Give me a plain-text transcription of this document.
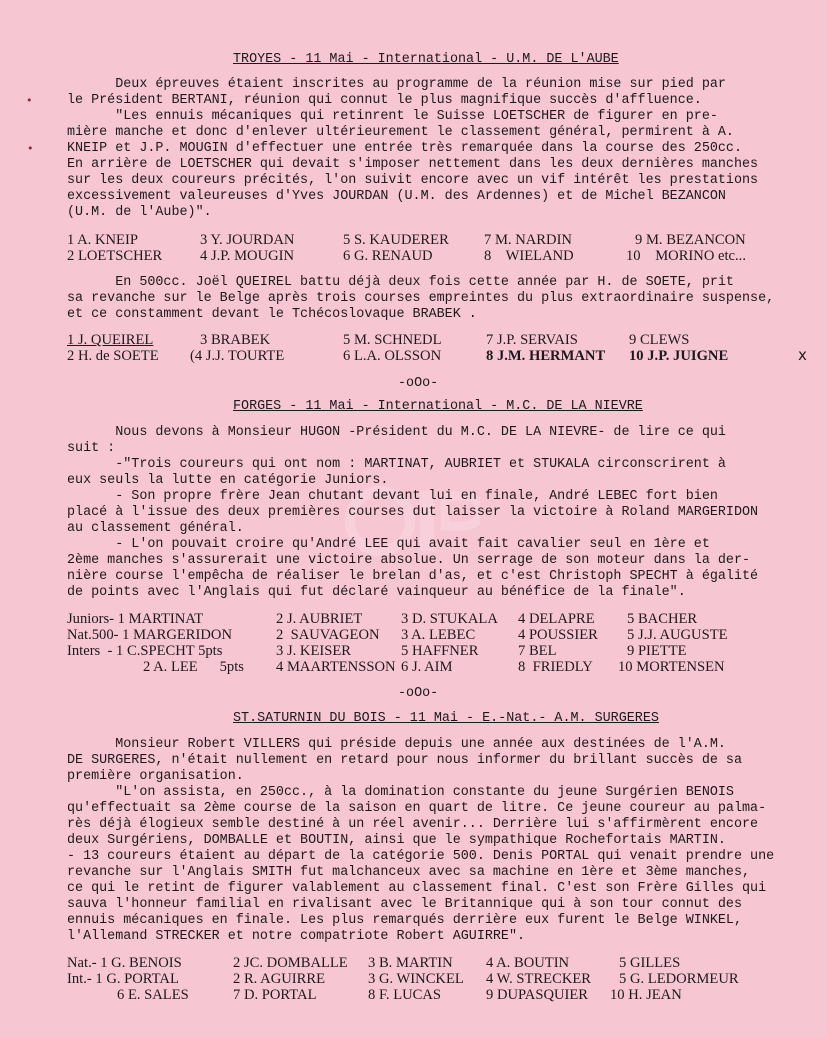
•
•
TROYES - 11 Mai - International - U.M. DE L'AUBE
Deux épreuves étaient inscrites au programme de la réunion mise sur pied par
le Président BERTANI, réunion qui connut le plus magnifique succès d'affluence.
"Les ennuis mécaniques qui retinrent le Suisse LOETSCHER de figurer en pre-
mière manche et donc d'enlever ultérieurement le classement général, permirent à A.
KNEIP et J.P. MOUGIN d'effectuer une entrée très remarquée dans la course des 250cc.
En arrière de LOETSCHER qui devait s'imposer nettement dans les deux dernières manches
sur les deux coureurs précités, l'on suivit encore avec un vif intérêt les prestations
excessivement valeureuses d'Yves JOURDAN (U.M. des Ardennes) et de Michel BEZANCON
(U.M. de l'Aube)".
1 A. KNEIP	3 Y. JOURDAN	5 S. KAUDERER 7 M. NARDIN	9 M. BEZANCON
2 LOETSCHER	4 J.P. MOUGIN	6 G. RENAUD	8    WIELAND	10    MORINO etc...
En 500cc. Joël QUEIREL battu déjà deux fois cette année par H. de SOETE, prit
sa revanche sur le Belge après trois courses empreintes du plus extraordinaire suspense,
et ce constamment devant le Tchécoslovaque BRABEK .
1 J. QUEIREL	3 BRABEK	5 M. SCHNEDL	7 J.P. SERVAIS	9 CLEWS
2 H. de SOETE (4 J.J. TOURTE	6 L.A. OLSSON	8 J.M. HERMANT 10 J.P. JUIGNE	x
-oOo-
FORGES - 11 Mai - International - M.C. DE LA NIEVRE
Nous devons à Monsieur HUGON -Président du M.C. DE LA NIEVRE- de lire ce qui
suit :
-"Trois coureurs qui ont nom : MARTINAT, AUBRIET et STUKALA circonscrirent à
eux seuls la lutte en catégorie Juniors.
- Son propre frère Jean chutant devant lui en finale, André LEBEC fort bien
placé à l'issue des deux premières courses dut laisser la victoire à Roland MARGERIDON
au classement général.
- L'on pouvait croire qu'André LEE qui avait fait cavalier seul en 1ère et
2ème manches s'assurerait une victoire absolue. Un serrage de son moteur dans la der-
nière course l'empêcha de réaliser le brelan d'as, et c'est Christoph SPECHT à égalité
de points avec l'Anglais qui fut déclaré vainqueur au bénéfice de la finale".
Juniors- 1 MARTINAT	2 J. AUBRIET	3 D. STUKALA 4 DELAPRE 5 BACHER
Nat.500- 1 MARGERIDON	2  SAUVAGEON 3 A. LEBEC	4 POUSSIER 5 J.J. AUGUSTE
Inters  - 1 C.SPECHT 5pts	3 J. KEISER	5 HAFFNER	7 BEL	9 PIETTE
2 A. LEE      5pts 4 MAARTENSSON 6 J. AIM	8  FRIEDLY 10 MORTENSEN
-oOo-
ST.SATURNIN DU BOIS - 11 Mai - E.-Nat.- A.M. SURGERES
Monsieur Robert VILLERS qui préside depuis une année aux destinées de l'A.M.
DE SURGERES, n'était nullement en retard pour nous informer du brillant succès de sa
première organisation.
"L'on assista, en 250cc., à la domination constante du jeune Surgérien BENOIS
qu'effectuait sa 2ème course de la saison en quart de litre. Ce jeune coureur au palma-
rès déjà élogieux semble destiné à un réel avenir... Derrière lui s'affirmèrent encore
deux Surgériens, DOMBALLE et BOUTIN, ainsi que le sympathique Rochefortais MARTIN.
- 13 coureurs étaient au départ de la catégorie 500. Denis PORTAL qui venait prendre une
revanche sur l'Anglais SMITH fut malchanceux avec sa machine en 1ère et 3ème manches,
ce qui le retint de figurer valablement au classement final. C'est son Frère Gilles qui
sauva l'honneur familial en rivalisant avec le Britannique qui à son tour connut des
ennuis mécaniques en finale. Les plus remarqués derrière eux furent le Belge WINKEL,
l'Allemand STRECKER et notre compatriote Robert AGUIRRE".
Nat.- 1 G. BENOIS	2 JC. DOMBALLE 3 B. MARTIN 4 A. BOUTIN	5 GILLES
Int.- 1 G. PORTAL	2 R. AGUIRRE	3 G. WINCKEL 4 W. STRECKER 5 G. LEDORMEUR
6 E. SALES	7 D. PORTAL	8 F. LUCAS	9 DUPASQUIER 10 H. JEAN
